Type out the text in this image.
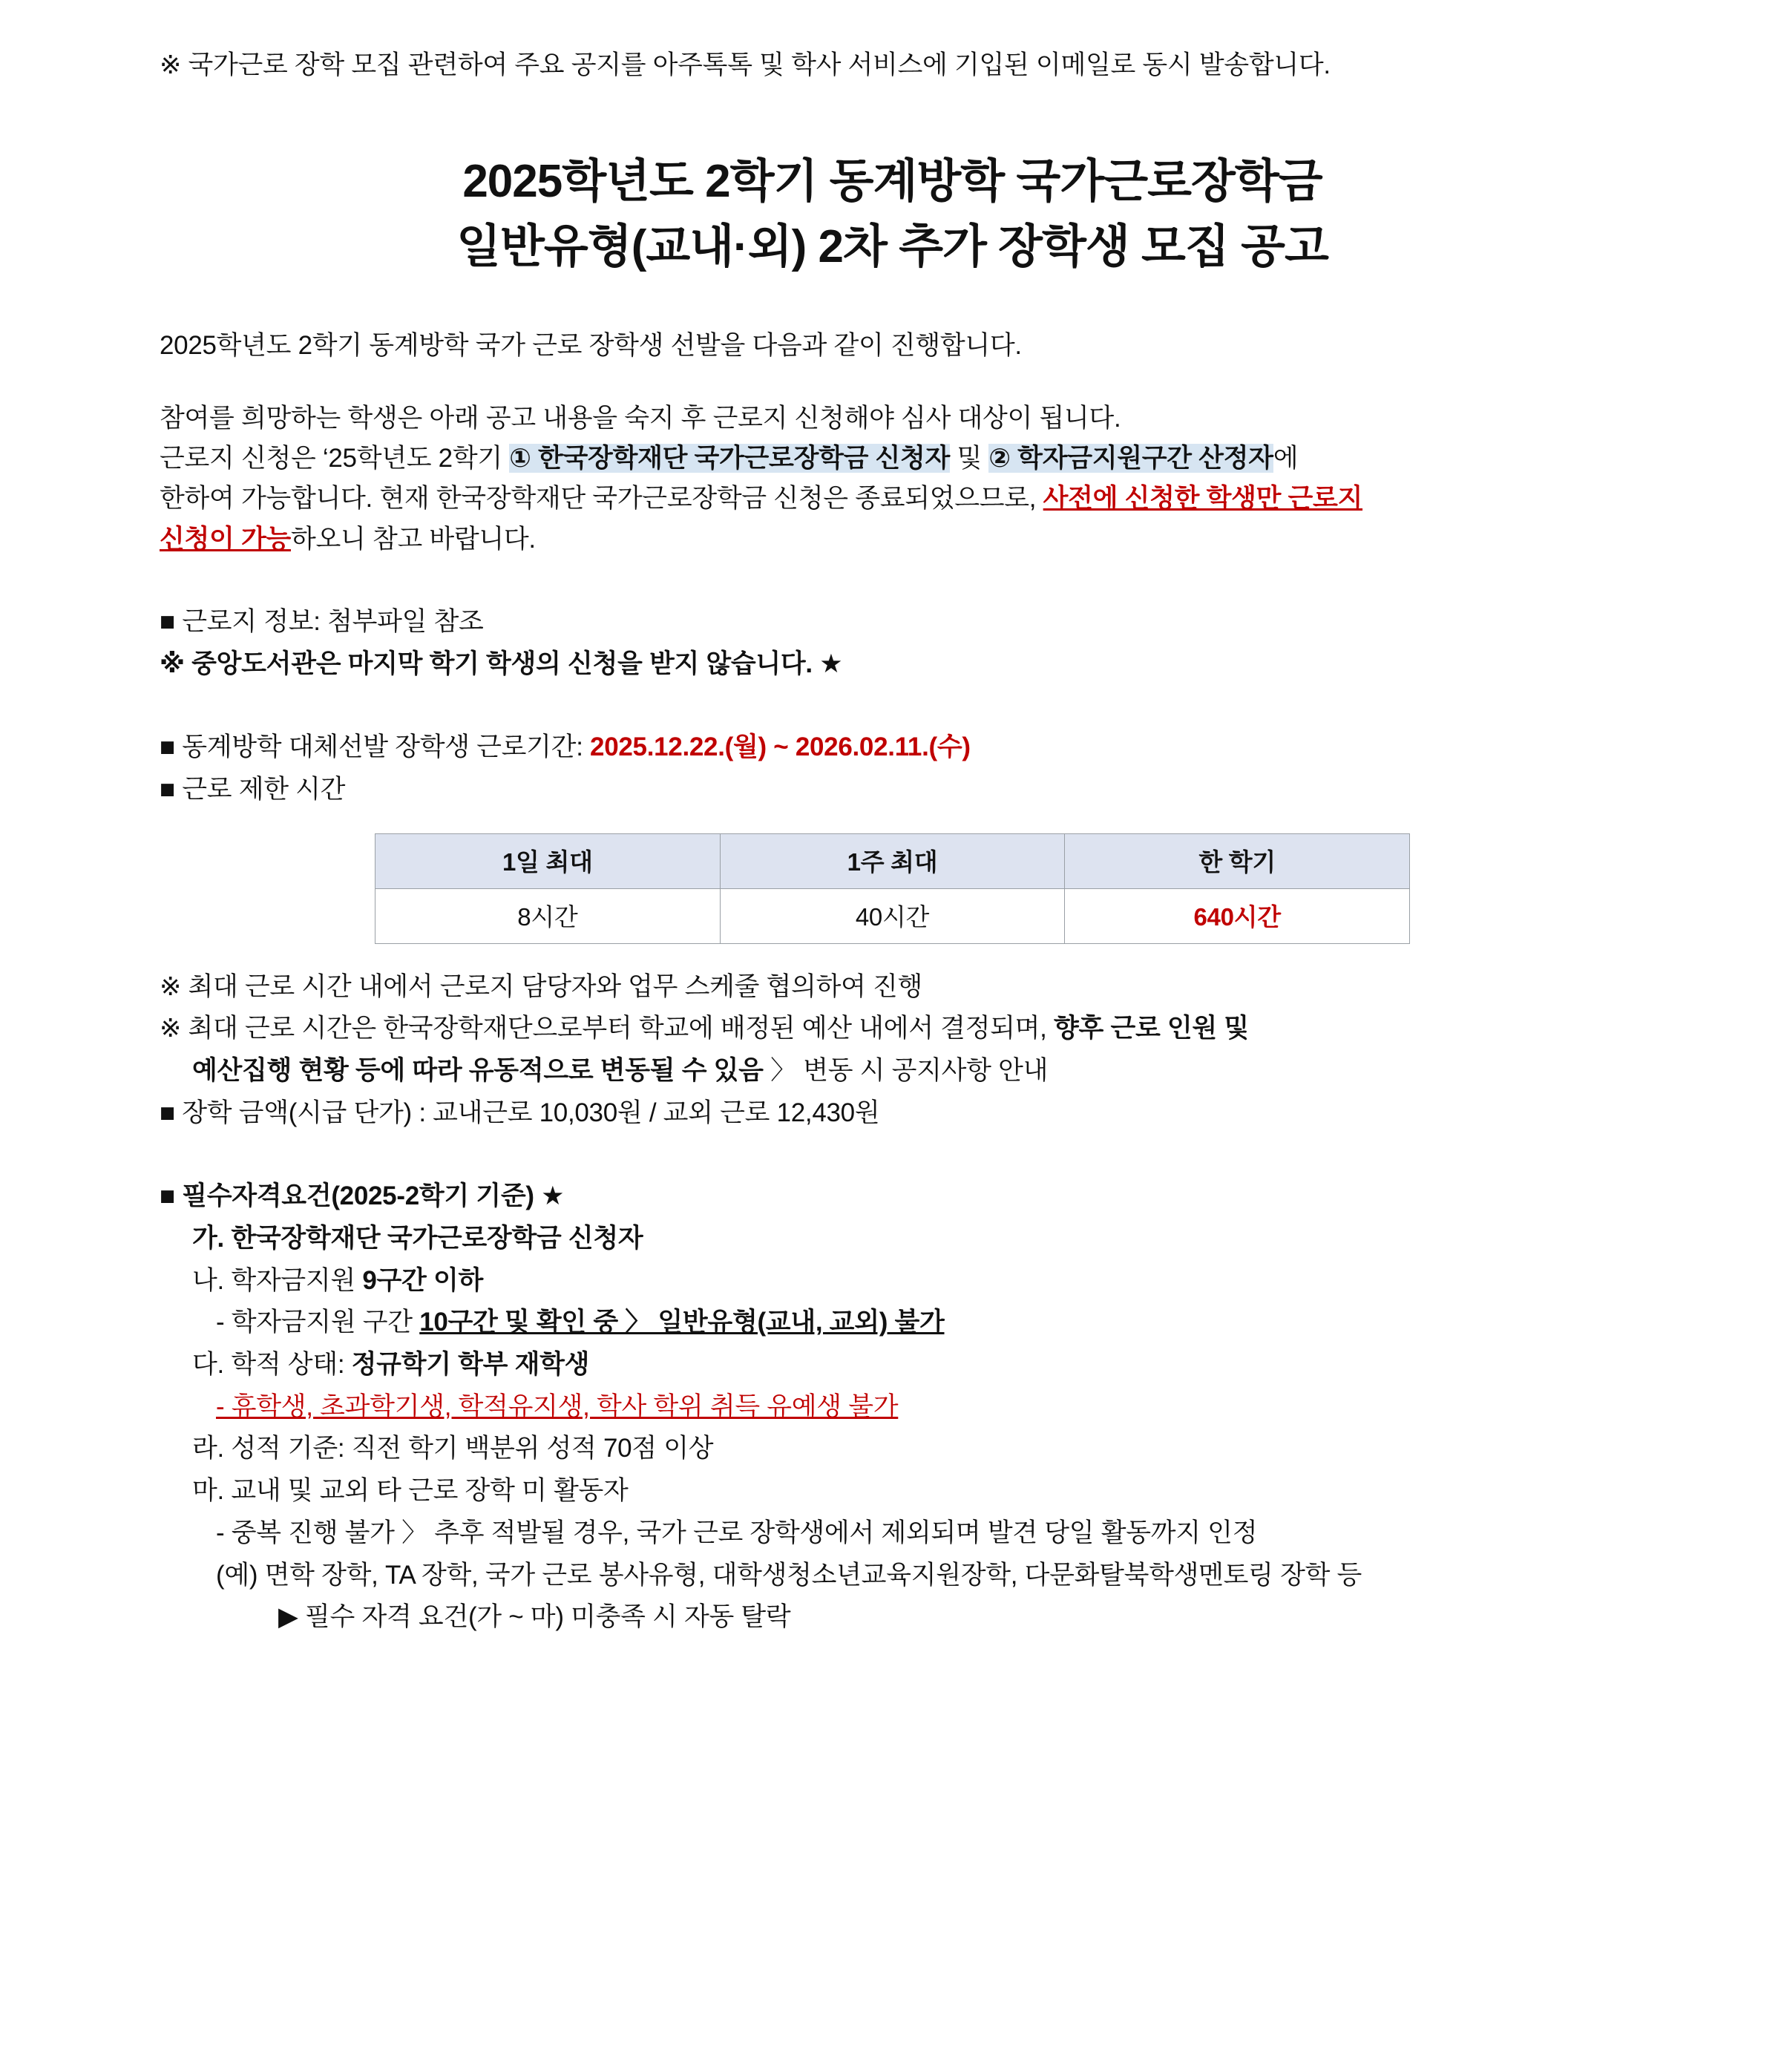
※ 국가근로 장학 모집 관련하여 주요 공지를 아주톡톡 및 학사 서비스에 기입된 이메일로 동시 발송합니다.
2025학년도 2학기 동계방학 국가근로장학금
일반유형(교내·외) 2차 추가 장학생 모집 공고
2025학년도 2학기 동계방학 국가 근로 장학생 선발을 다음과 같이 진행합니다.
참여를 희망하는 학생은 아래 공고 내용을 숙지 후 근로지 신청해야 심사 대상이 됩니다.
근로지 신청은 ‘25학년도 2학기 ① 한국장학재단 국가근로장학금 신청자 및 ② 학자금지원구간 산정자에
한하여 가능합니다. 현재 한국장학재단 국가근로장학금 신청은 종료되었으므로, 사전에 신청한 학생만 근로지
신청이 가능하오니 참고 바랍니다.
■ 근로지 정보: 첨부파일 참조
※ 중앙도서관은 마지막 학기 학생의 신청을 받지 않습니다. ★
■ 동계방학 대체선발 장학생 근로기간: 2025.12.22.(월) ~ 2026.02.11.(수)
■ 근로 제한 시간
1일 최대	1주 최대	한 학기
8시간	40시간	640시간
※ 최대 근로 시간 내에서 근로지 담당자와 업무 스케줄 협의하여 진행
※ 최대 근로 시간은 한국장학재단으로부터 학교에 배정된 예산 내에서 결정되며, 향후 근로 인원 및
예산집행 현황 등에 따라 유동적으로 변동될 수 있음 〉 변동 시 공지사항 안내
■ 장학 금액(시급 단가) : 교내근로 10,030원 / 교외 근로 12,430원
■ 필수자격요건(2025-2학기 기준) ★
가. 한국장학재단 국가근로장학금 신청자
나. 학자금지원 9구간 이하
- 학자금지원 구간 10구간 및 확인 중 〉 일반유형(교내, 교외) 불가
다. 학적 상태: 정규학기 학부 재학생
- 휴학생, 초과학기생, 학적유지생, 학사 학위 취득 유예생 불가
라. 성적 기준: 직전 학기 백분위 성적 70점 이상
마. 교내 및 교외 타 근로 장학 미 활동자
- 중복 진행 불가 〉 추후 적발될 경우, 국가 근로 장학생에서 제외되며 발견 당일 활동까지 인정
(예) 면학 장학, TA 장학, 국가 근로 봉사유형, 대학생청소년교육지원장학, 다문화탈북학생멘토링 장학 등
▶ 필수 자격 요건(가 ~ 마) 미충족 시 자동 탈락
